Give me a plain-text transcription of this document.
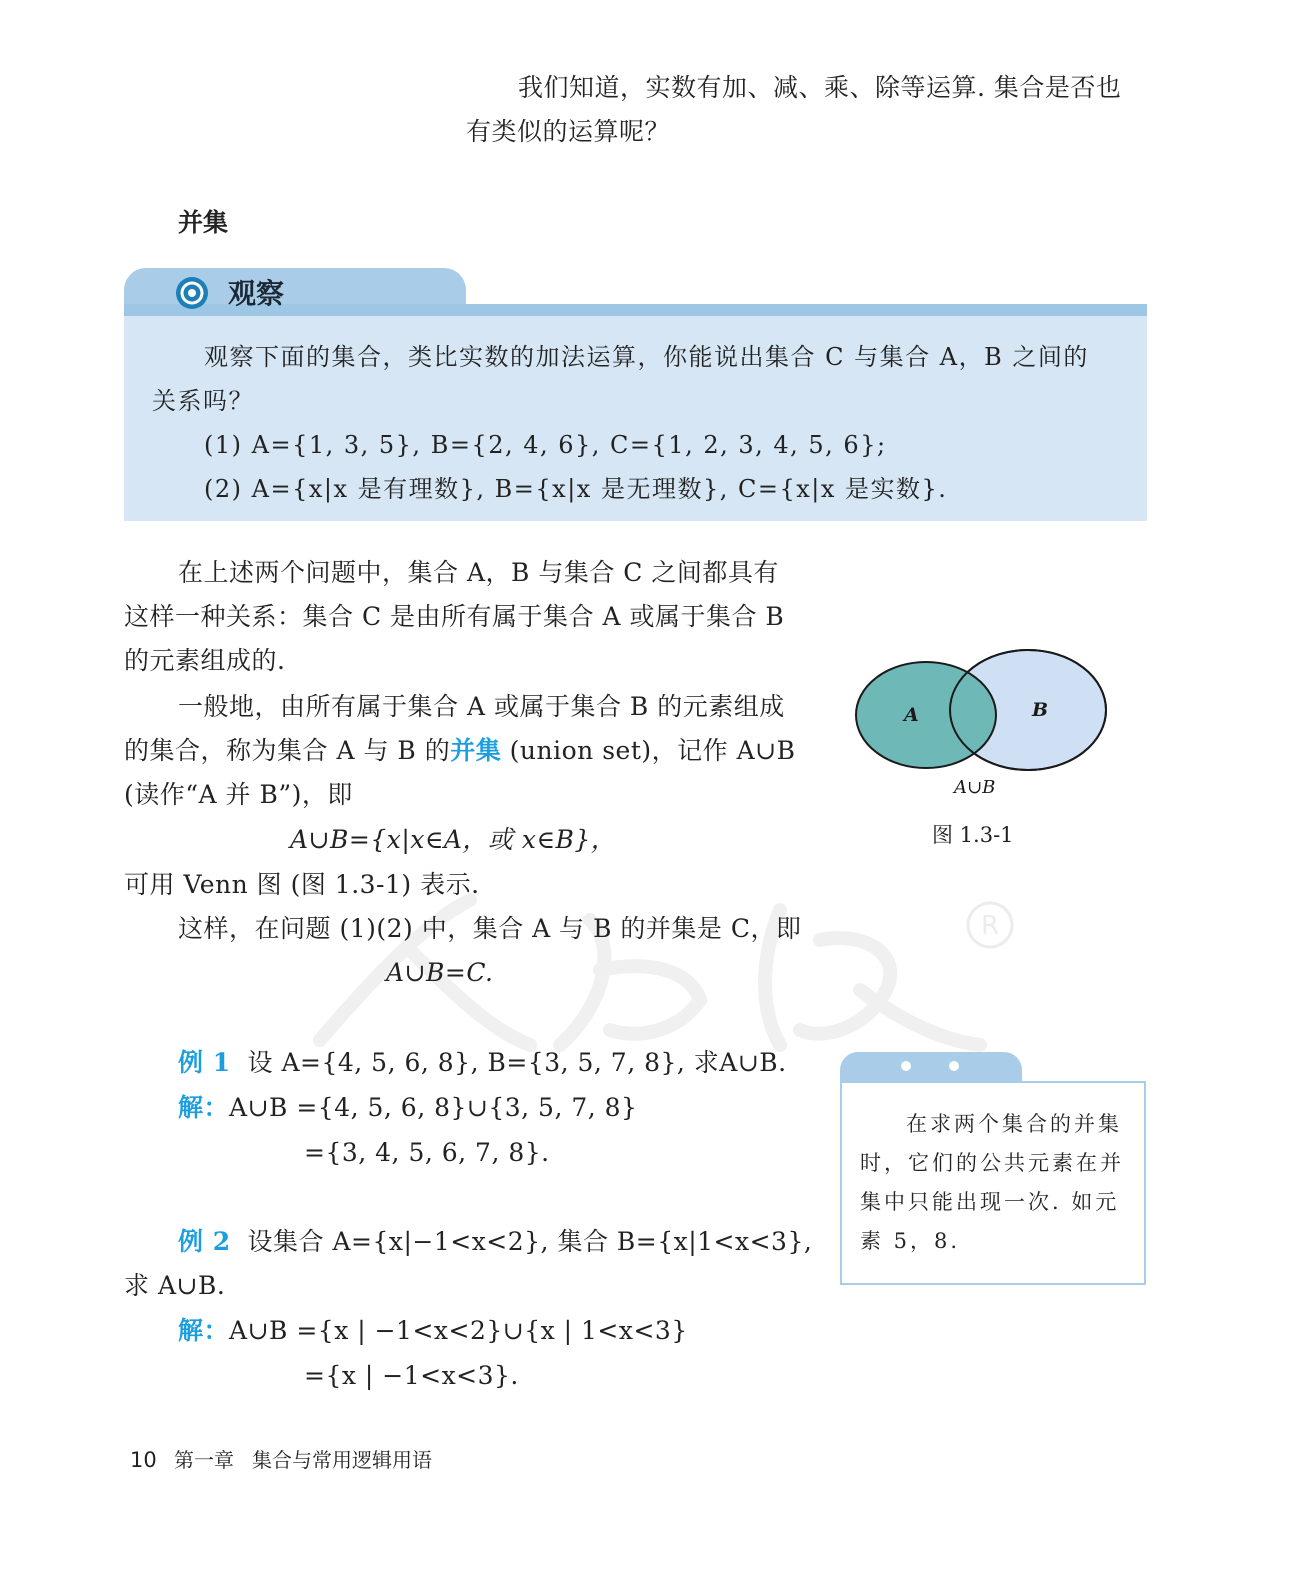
我们知道，实数有加、减、乘、除等运算. 集合是否也
有类似的运算呢？
并集
观察
观察下面的集合，类比实数的加法运算，你能说出集合 C 与集合 A，B 之间的
关系吗？
(1) A={1, 3, 5}, B={2, 4, 6}, C={1, 2, 3, 4, 5, 6};
(2) A={x|x 是有理数}, B={x|x 是无理数}, C={x|x 是实数}.
R
在上述两个问题中，集合 A，B 与集合 C 之间都具有
这样一种关系：集合 C 是由所有属于集合 A 或属于集合 B
的元素组成的.
一般地，由所有属于集合 A 或属于集合 B 的元素组成
的集合，称为集合 A 与 B 的并集 (union set)，记作 A∪B
(读作“A 并 B”)，即
A∪B={x|x∈A，或 x∈B}，
可用 Venn 图 (图 1.3-1) 表示.
这样，在问题 (1)(2) 中，集合 A 与 B 的并集是 C，即
A∪B=C.
A	B
A∪B
图 1.3-1
例 1 设 A={4, 5, 6, 8}, B={3, 5, 7, 8}, 求A∪B.
解：A∪B ={4, 5, 6, 8}∪{3, 5, 7, 8}
={3, 4, 5, 6, 7, 8}.
例 2 设集合 A={x|−1<x<2}, 集合 B={x|1<x<3},
求 A∪B.
解：A∪B ={x | −1<x<2}∪{x | 1<x<3}
={x | −1<x<3}.
在求两个集合的并集
时，它们的公共元素在并
集中只能出现一次. 如元
素 5，8.
10 第一章 集合与常用逻辑用语
